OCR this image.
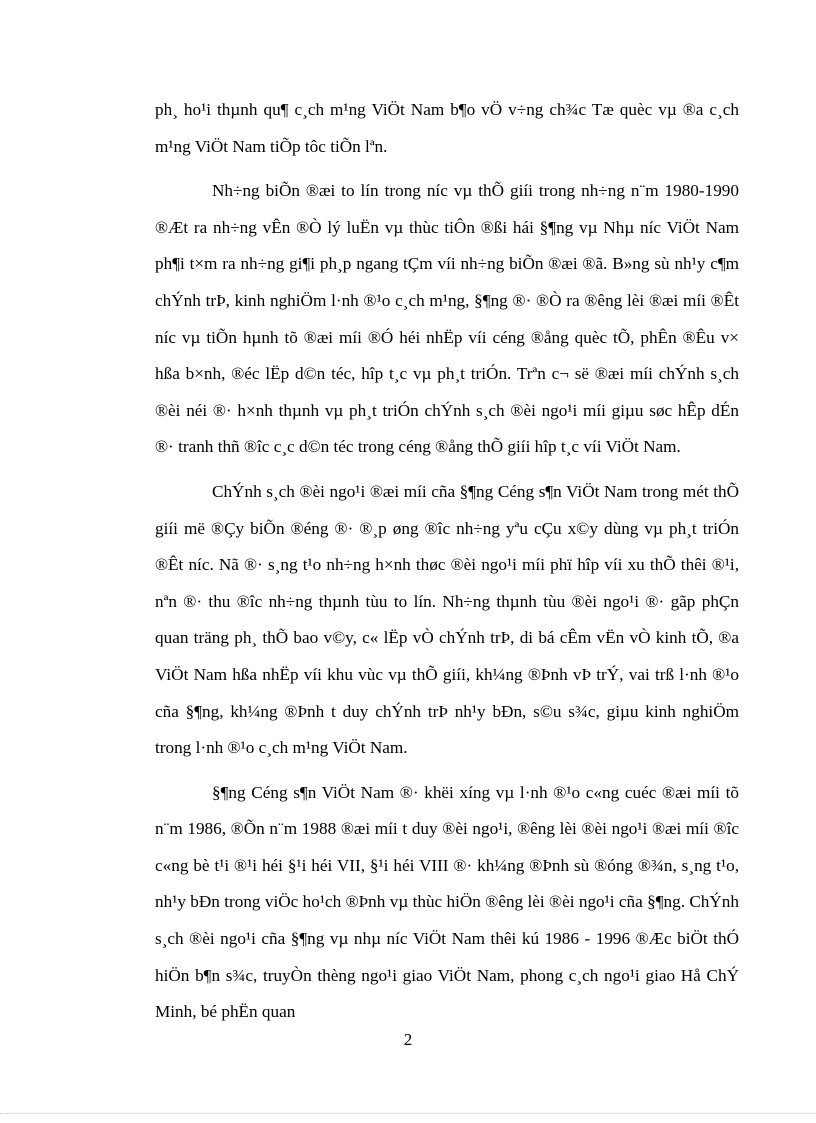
ph¸ ho¹i thµnh qu¶ c¸ch m¹ng ViÖt Nam b¶o vÖ v÷ng ch¾c Tæ quèc vµ ®a c¸ch m¹ng ViÖt Nam tiÕp tôc tiÕn lªn.

Nh÷ng biÕn ®æi to lín trong níc vµ thÕ giíi trong nh÷ng n¨m 1980-1990 ®Æt ra nh÷ng vÊn ®Ò lý luËn vµ thùc tiÔn ®ßi hái §¶ng vµ Nhµ níc ViÖt Nam ph¶i t×m ra nh÷ng gi¶i ph¸p ngang tÇm víi nh÷ng biÕn ®æi ®ã. B»ng sù nh¹y c¶m chÝnh trÞ, kinh nghiÖm l·nh ®¹o c¸ch m¹ng, §¶ng ®· ®Ò ra ®êng lèi ®æi míi ®Êt níc vµ tiÕn hµnh tõ ®æi míi ®Ó héi nhËp víi céng ®ång quèc tÕ, phÊn ®Êu v× hßa b×nh, ®éc lËp d©n téc, hîp t¸c vµ ph¸t triÓn. Trªn c¬ së ®æi míi chÝnh s¸ch ®èi néi ®· h×nh thµnh vµ ph¸t triÓn chÝnh s¸ch ®èi ngo¹i míi giµu søc hÊp dÉn ®· tranh thñ ®îc c¸c d©n téc trong céng ®ång thÕ giíi hîp t¸c víi ViÖt Nam.

ChÝnh s¸ch ®èi ngo¹i ®æi míi cña §¶ng Céng s¶n ViÖt Nam trong mét thÕ giíi më ®Çy biÕn ®éng ®· ®¸p øng ®îc nh÷ng yªu cÇu x©y dùng vµ ph¸t triÓn ®Êt níc. Nã ®· s¸ng t¹o nh÷ng h×nh thøc ®èi ngo¹i míi phï hîp víi xu thÕ thêi ®¹i, nªn ®· thu ®îc nh÷ng thµnh tùu to lín. Nh÷ng thµnh tùu ®èi ngo¹i ®· gãp phÇn quan träng ph¸ thÕ bao v©y, c« lËp vÒ chÝnh trÞ, di bá cÊm vËn vÒ kinh tÕ, ®a ViÖt Nam hßa nhËp víi khu vùc vµ thÕ giíi, kh¼ng ®Þnh vÞ trÝ, vai trß l·nh ®¹o cña §¶ng, kh¼ng ®Þnh t duy chÝnh trÞ nh¹y bÐn, s©u s¾c, giµu kinh nghiÖm trong l·nh ®¹o c¸ch m¹ng ViÖt Nam.

§¶ng Céng s¶n ViÖt Nam ®· khëi xíng vµ l·nh ®¹o c«ng cuéc ®æi míi tõ n¨m 1986, ®Õn n¨m 1988 ®æi míi t duy ®èi ngo¹i, ®êng lèi ®èi ngo¹i ®æi míi ®îc c«ng bè t¹i ®¹i héi §¹i héi VII, §¹i héi VIII ®· kh¼ng ®Þnh sù ®óng ®¾n, s¸ng t¹o, nh¹y bÐn trong viÖc ho¹ch ®Þnh vµ thùc hiÖn ®êng lèi ®èi ngo¹i cña §¶ng. ChÝnh s¸ch ®èi ngo¹i cña §¶ng vµ nhµ níc ViÖt Nam thêi kú 1986 - 1996 ®Æc biÖt thÓ hiÖn b¶n s¾c, truyÒn thèng ngo¹i giao ViÖt Nam, phong c¸ch ngo¹i giao Hå ChÝ Minh, bé phËn quan

2
